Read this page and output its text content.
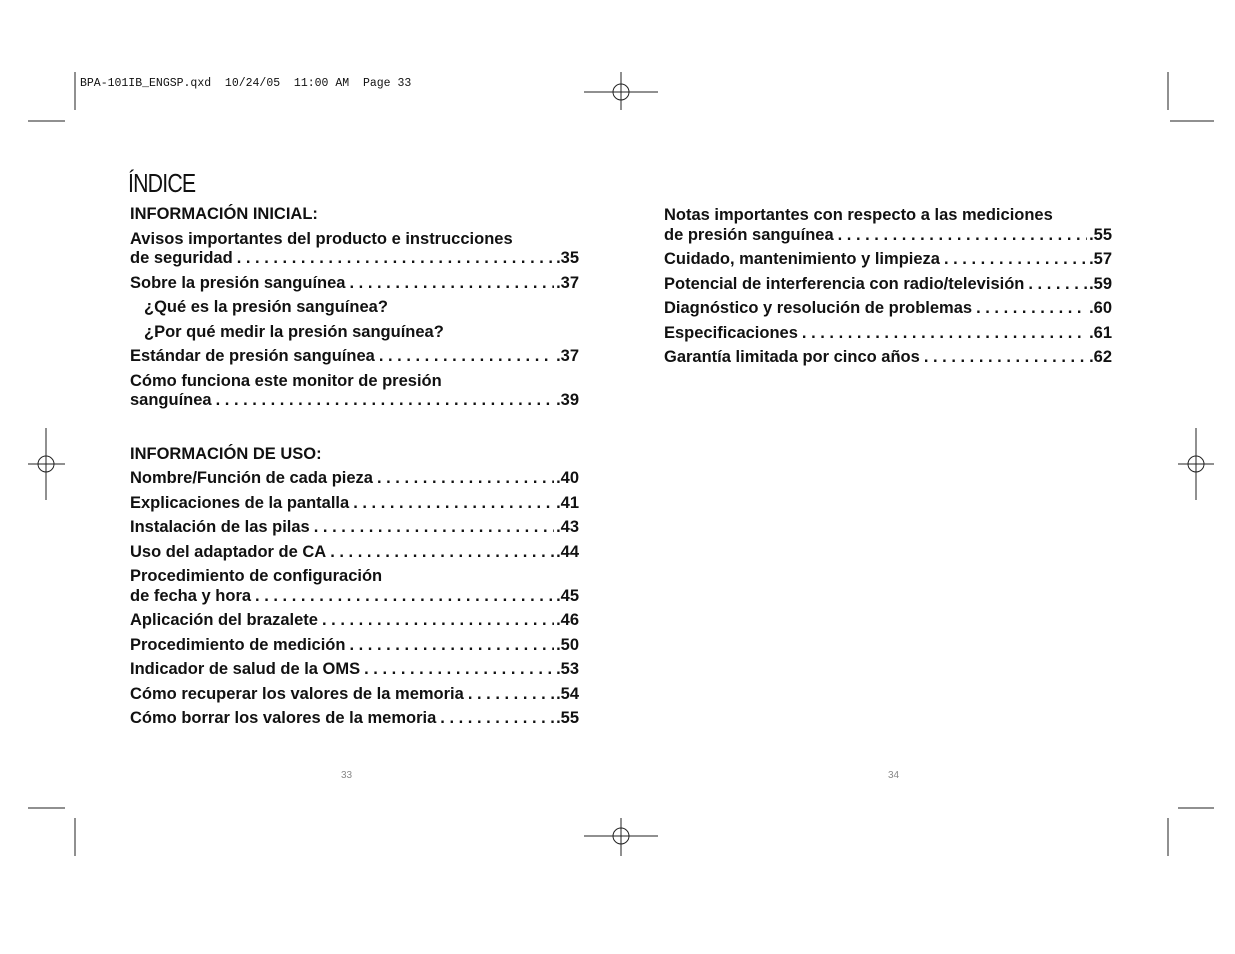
BPA-101IB_ENGSP.qxd  10/24/05  11:00 AM  Page 33
ÍNDICE
INFORMACIÓN INICIAL:
Avisos importantes del producto e instrucciones
de seguridad . . .	.35
Sobre la presión sanguínea . . .	.37
¿Qué es la presión sanguínea?
¿Por qué medir la presión sanguínea?
Estándar de presión sanguínea . . .	.37
Cómo funciona este monitor de presión
sanguínea . . .	.39
INFORMACIÓN DE USO:
Nombre/Función de cada pieza . . .	.40
Explicaciones de la pantalla . . .	.41
Instalación de las pilas . . .	.43
Uso del adaptador de CA . . .	.44
Procedimiento de configuración
de fecha y hora . . .	.45
Aplicación del brazalete . . .	.46
Procedimiento de medición . . .	.50
Indicador de salud de la OMS . . .	.53
Cómo recuperar los valores de la memoria . . .	.54
Cómo borrar los valores de la memoria . . .	.55
Notas importantes con respecto a las mediciones
de presión sanguínea . . .	.55
Cuidado, mantenimiento y limpieza . . .	.57
Potencial de interferencia con radio/televisión . . .	.59
Diagnóstico y resolución de problemas . . .	.60
Especificaciones . . .	.61
Garantía limitada por cinco años . . .	.62
33	34
